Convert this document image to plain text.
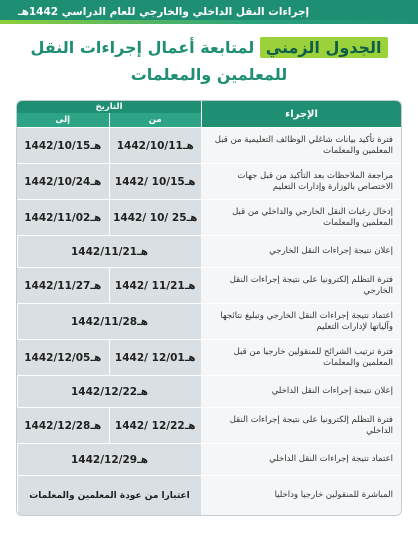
إجراءات النقل الداخلي والخارجي للعام الدراسي 1442هـ
الجدول الزمني لمتابعة أعمال إجراءات النقل
للمعلمين والمعلمات
الإجراء
التاريخ
من
إلى
فترة تأكيد بيانات شاغلي الوظائف التعليمية من قبل المعلمين والمعلمات
1442/10/11هـ
1442/10/15هـ
مراجعة الملاحظات بعد التأكيد من قبل جهات الاختصاص بالوزارة وإدارات التعليم
1442/ 10/15هـ
1442/10/24هـ
إدخال رغبات النقل الخارجي والداخلي من قبل المعلمين والمعلمات
1442/ 10/ 25هـ
1442/11/02هـ
إعلان نتيجة إجراءات النقل الخارجي
1442/11/21هـ
فترة التظلم إلكترونيا على نتيجة إجراءات النقل الخارجي
1442/ 11/21هـ
1442/11/27هـ
اعتماد نتيجة إجراءات النقل الخارجي وتبليغ نتائجها وآلياتها لإدارات التعليم
1442/11/28هـ
فترة ترتيب الشرائح للمنقولين خارجيا من قبل المعلمين والمعلمات
1442/ 12/01هـ
1442/12/05هـ
إعلان نتيجة إجراءات النقل الداخلي
1442/12/22هـ
فترة التظلم إلكترونيا على نتيجة إجراءات النقل الداخلي
1442/ 12/22هـ
1442/12/28هـ
اعتماد نتيجة إجراءات النقل الداخلي
1442/12/29هـ
المباشرة للمنقولين خارجيا وداخليا
اعتبارا من عودة المعلمين والمعلمات
